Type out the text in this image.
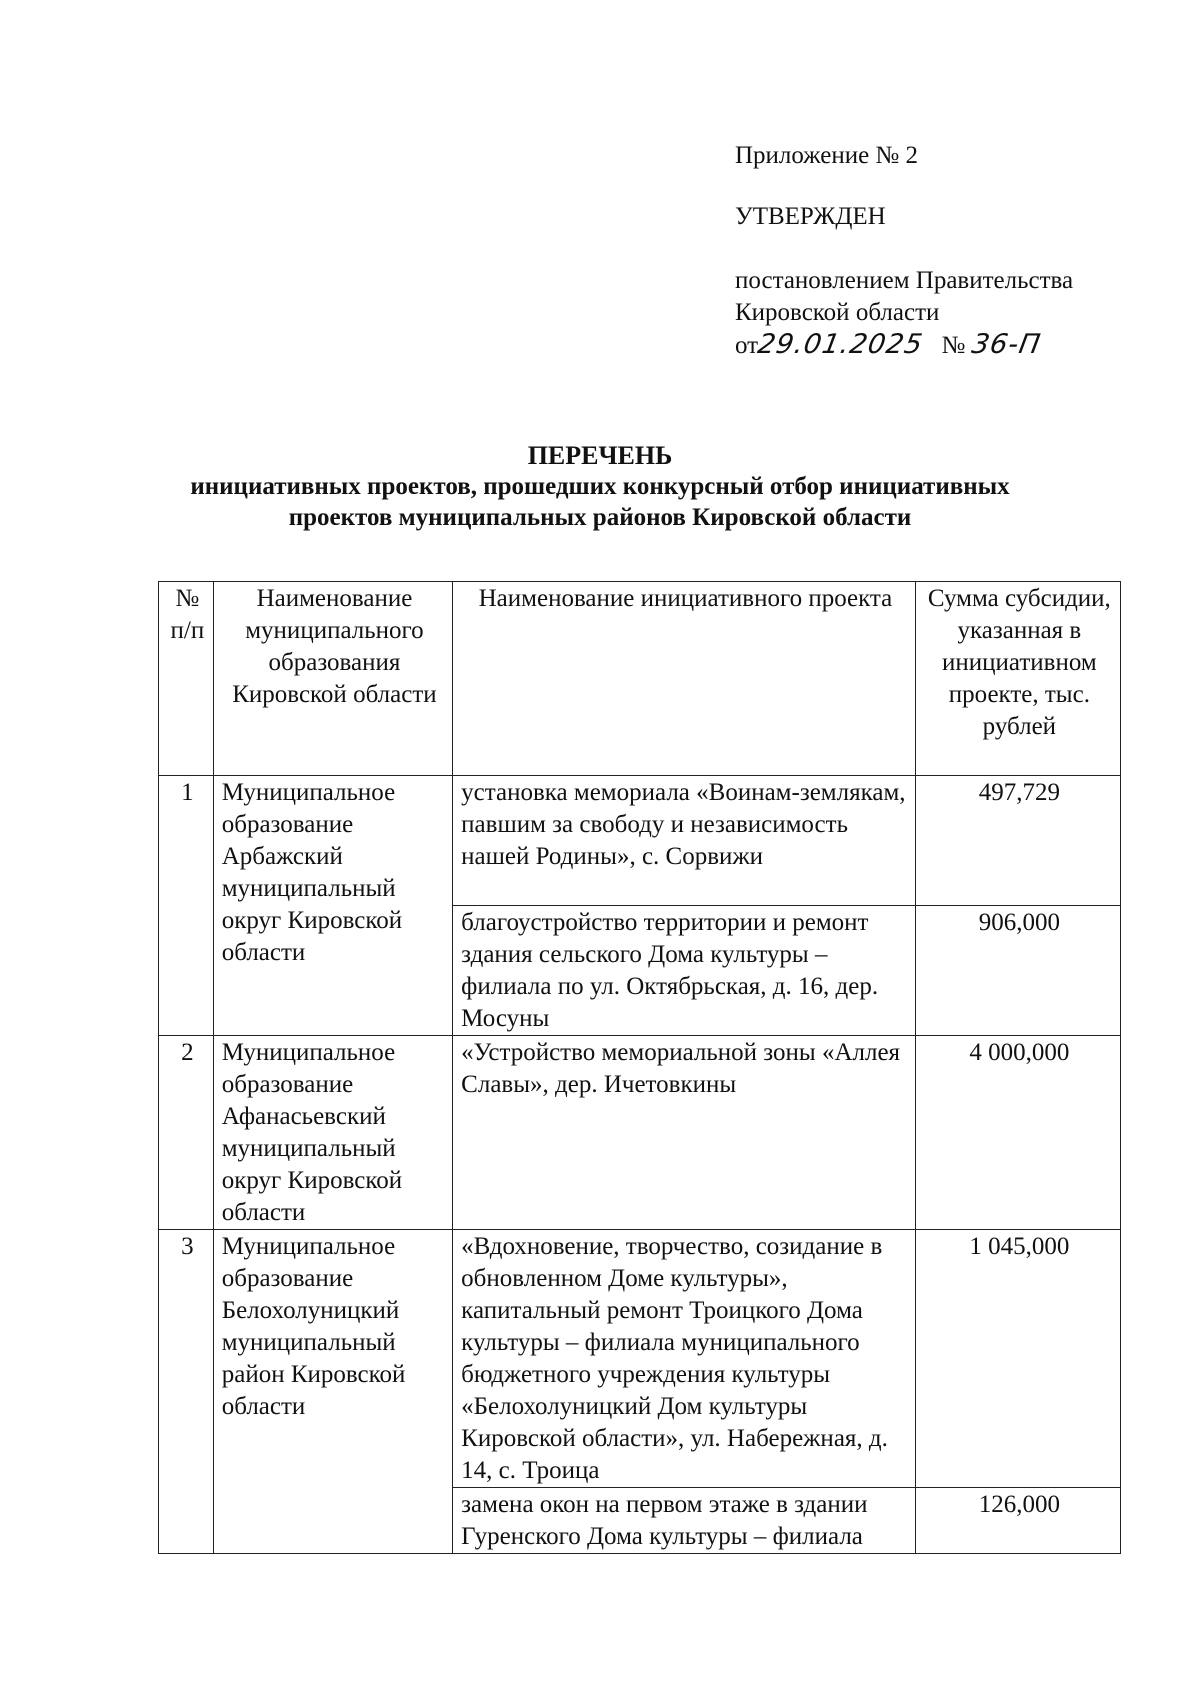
Приложение № 2

УТВЕРЖДЕН

постановлением Правительства

Кировской области

от29.01.2025 № 36-П

ПЕРЕЧЕНЬ
инициативных проектов, прошедших конкурсный отбор инициативных
проектов муниципальных районов Кировской области
№ п/п	Наименование муниципального образования Кировской области	Наименование инициативного проекта	Сумма субсидии, указанная в инициативном проекте, тыс. рублей
1	Муниципальное образование Арбажский муниципальный округ Кировской области	установка мемориала «Воинам-землякам, павшим за свободу и независимость нашей Родины», с. Сорвижи	497,729
		благоустройство территории и ремонт здания сельского Дома культуры – филиала по ул. Октябрьская, д. 16, дер. Мосуны	906,000
2	Муниципальное образование Афанасьевский муниципальный округ Кировской области	«Устройство мемориальной зоны «Аллея Славы», дер. Ичетовкины	4 000,000
3	Муниципальное образование Белохолуницкий муниципальный район Кировской области	«Вдохновение, творчество, созидание в обновленном Доме культуры», капитальный ремонт Троицкого Дома культуры – филиала муниципального бюджетного учреждения культуры «Белохолуницкий Дом культуры Кировской области», ул. Набережная, д. 14, с. Троица	1 045,000
		замена окон на первом этаже в здании Гуренского Дома культуры – филиала	126,000
